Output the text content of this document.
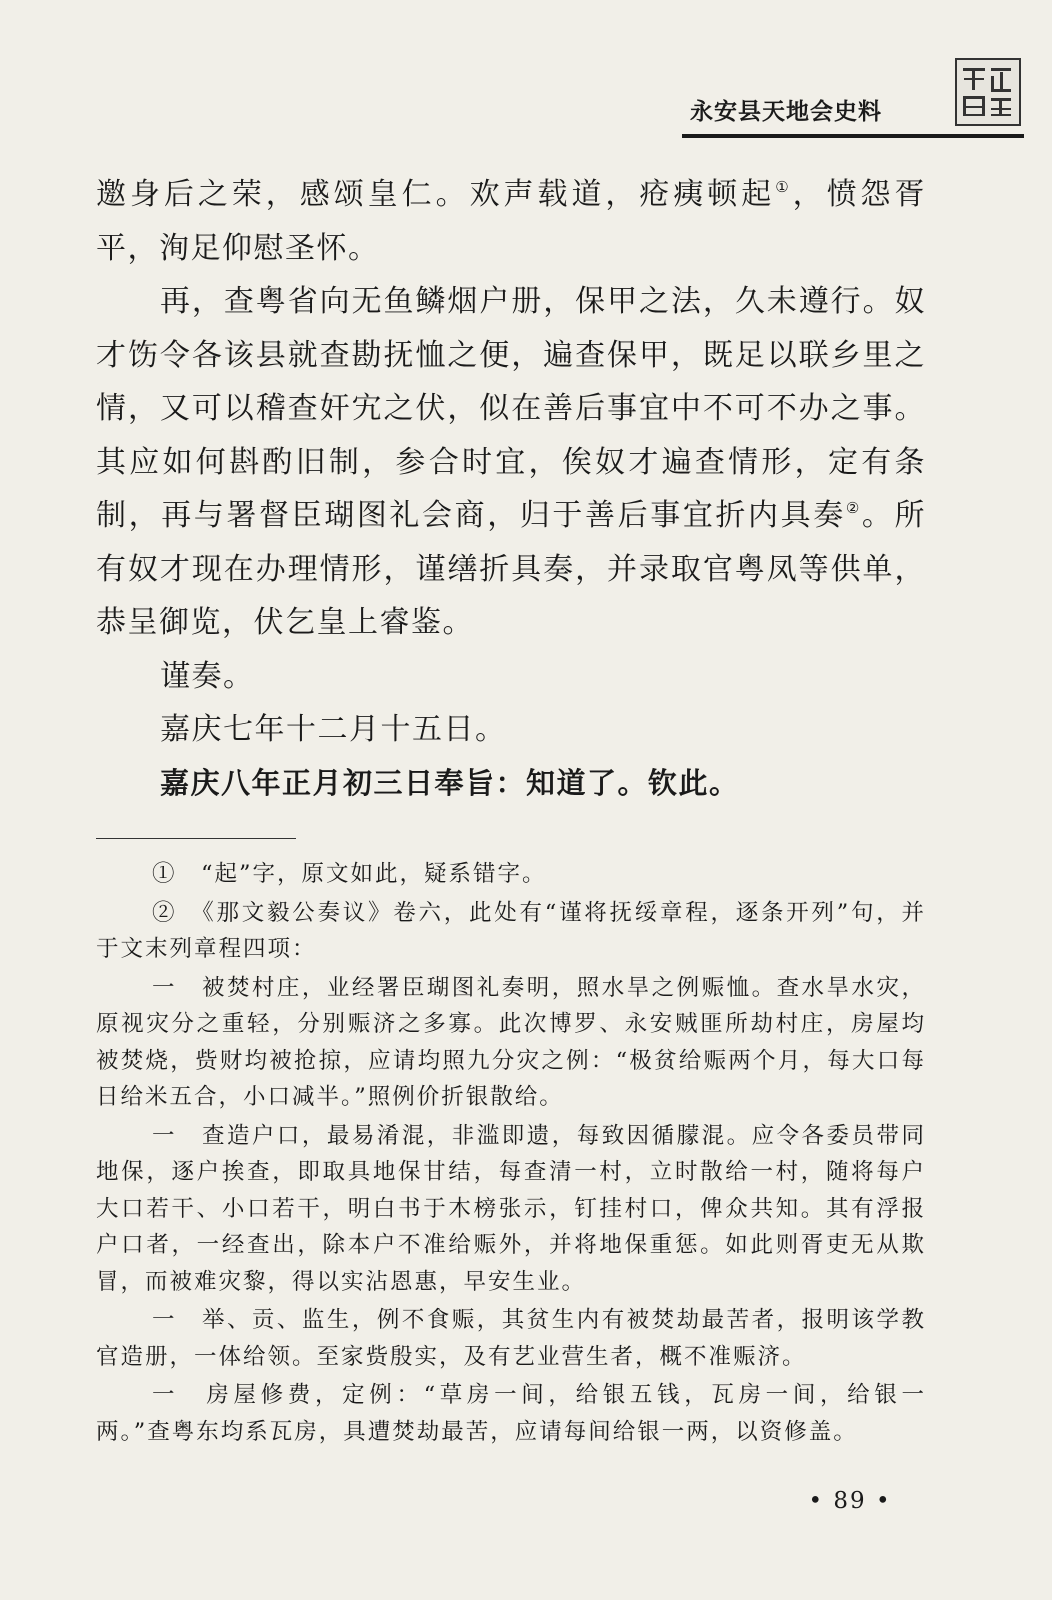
永安县天地会史料

邀身后之荣，感颂皇仁。欢声载道，疮痍顿起①，愤怨胥平，洵足仰慰圣怀。

再，查粤省向无鱼鳞烟户册，保甲之法，久未遵行。奴才饬令各该县就查勘抚恤之便，遍查保甲，既足以联乡里之情，又可以稽查奸宄之伏，似在善后事宜中不可不办之事。其应如何斟酌旧制，参合时宜，俟奴才遍查情形，定有条制，再与署督臣瑚图礼会商，归于善后事宜折内具奏②。所有奴才现在办理情形，谨缮折具奏，并录取官粤凤等供单，恭呈御览，伏乞皇上睿鉴。

谨奏。

嘉庆七年十二月十五日。

嘉庆八年正月初三日奉旨：知道了。钦此。

①　“起”字，原文如此，疑系错字。

②　《那文毅公奏议》卷六，此处有“谨将抚绥章程，逐条开列”句，并于文末列章程四项：

一　被焚村庄，业经署臣瑚图礼奏明，照水旱之例赈恤。查水旱水灾，原视灾分之重轻，分别赈济之多寡。此次博罗、永安贼匪所劫村庄，房屋均被焚烧，赀财均被抢掠，应请均照九分灾之例：“极贫给赈两个月，每大口每日给米五合，小口减半。”照例价折银散给。

一　查造户口，最易淆混，非滥即遗，每致因循朦混。应令各委员带同地保，逐户挨查，即取具地保甘结，每查清一村，立时散给一村，随将每户大口若干、小口若干，明白书于木榜张示，钉挂村口，俾众共知。其有浮报户口者，一经查出，除本户不准给赈外，并将地保重惩。如此则胥吏无从欺冒，而被难灾黎，得以实沾恩惠，早安生业。

一　举、贡、监生，例不食赈，其贫生内有被焚劫最苦者，报明该学教官造册，一体给领。至家赀殷实，及有艺业营生者，概不准赈济。

一　房屋修费，定例：“草房一间，给银五钱，瓦房一间，给银一两。”查粤东均系瓦房，具遭焚劫最苦，应请每间给银一两，以资修盖。

• 89 •
